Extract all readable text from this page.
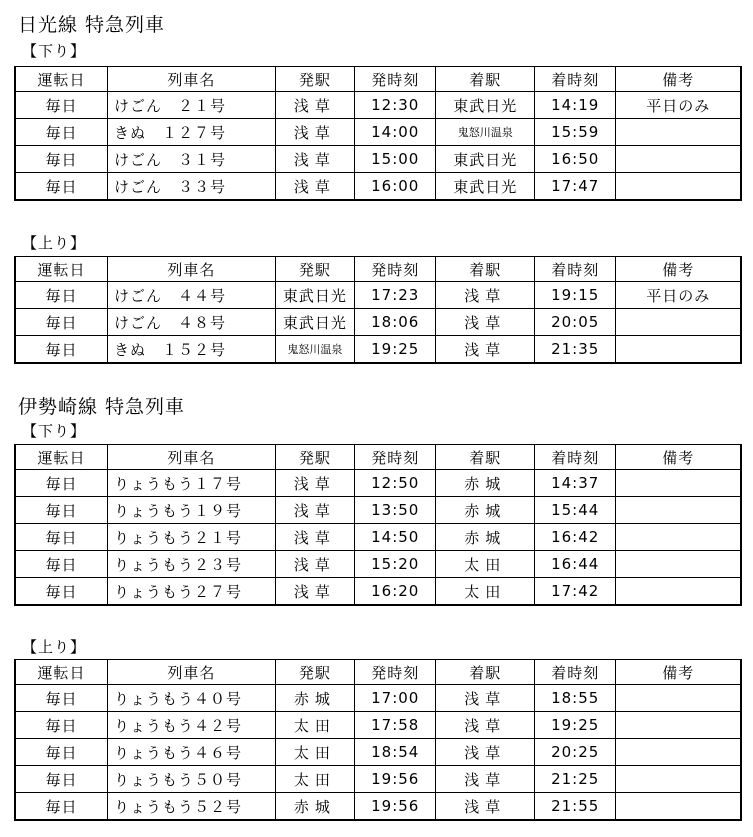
日光線 特急列車
【下り】
運転日	列車名	発駅	発時刻	着駅	着時刻	備考
毎日	けごん　２１号	浅草	12:30	東武日光	14:19	平日のみ
毎日	きぬ　１２７号	浅草	14:00	鬼怒川温泉	15:59	
毎日	けごん　３１号	浅草	15:00	東武日光	16:50	
毎日	けごん　３３号	浅草	16:00	東武日光	17:47	
【上り】
運転日	列車名	発駅	発時刻	着駅	着時刻	備考
毎日	けごん　４４号	東武日光	17:23	浅草	19:15	平日のみ
毎日	けごん　４８号	東武日光	18:06	浅草	20:05	
毎日	きぬ　１５２号	鬼怒川温泉	19:25	浅草	21:35	
伊勢崎線 特急列車
【下り】
運転日	列車名	発駅	発時刻	着駅	着時刻	備考
毎日	りょうもう１７号	浅草	12:50	赤城	14:37	
毎日	りょうもう１９号	浅草	13:50	赤城	15:44	
毎日	りょうもう２１号	浅草	14:50	赤城	16:42	
毎日	りょうもう２３号	浅草	15:20	太田	16:44	
毎日	りょうもう２７号	浅草	16:20	太田	17:42	
【上り】
運転日	列車名	発駅	発時刻	着駅	着時刻	備考
毎日	りょうもう４０号	赤城	17:00	浅草	18:55	
毎日	りょうもう４２号	太田	17:58	浅草	19:25	
毎日	りょうもう４６号	太田	18:54	浅草	20:25	
毎日	りょうもう５０号	太田	19:56	浅草	21:25	
毎日	りょうもう５２号	赤城	19:56	浅草	21:55	
